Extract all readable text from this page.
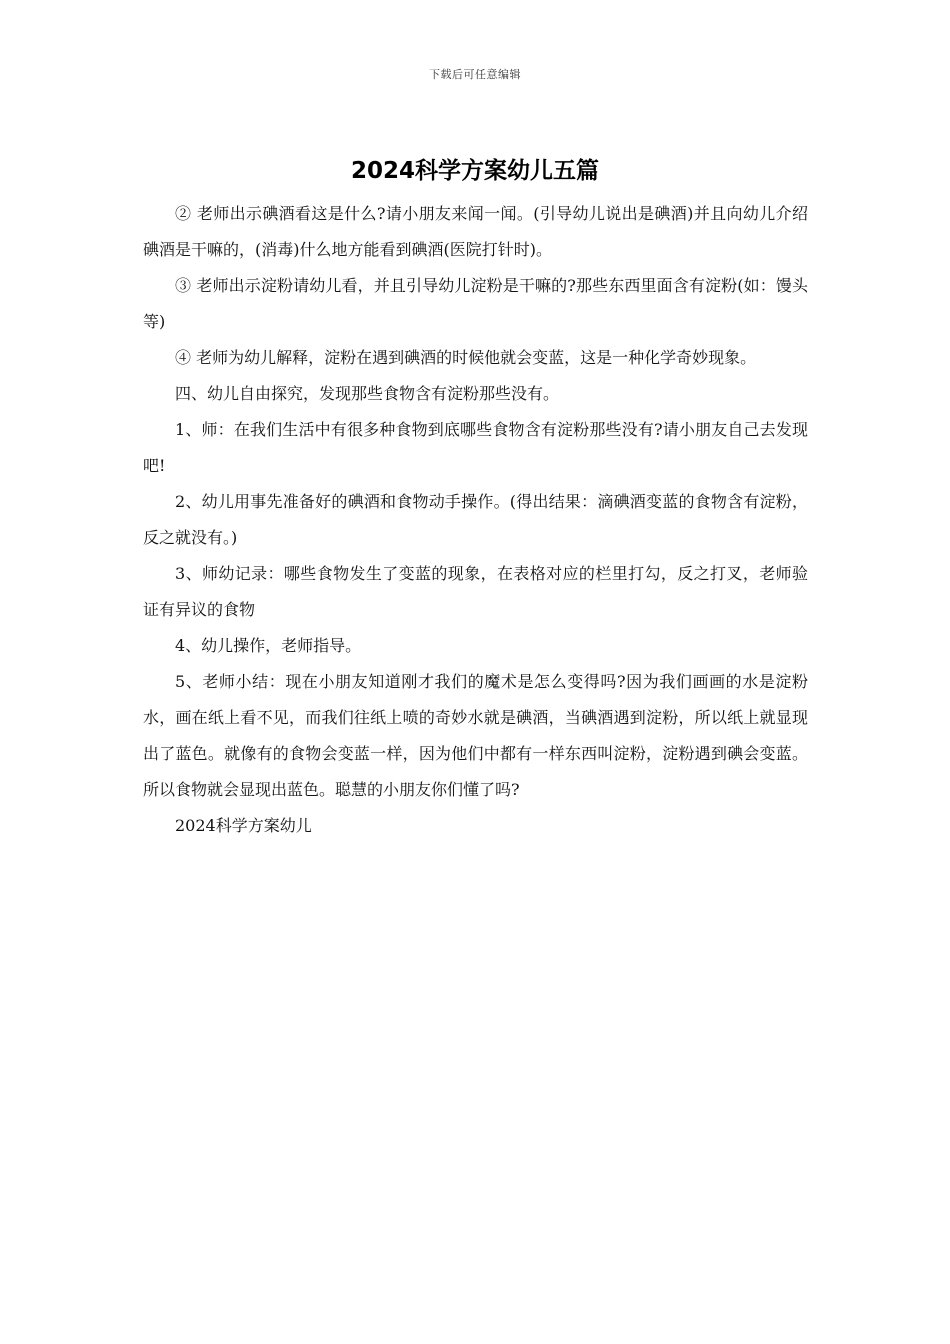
下载后可任意编辑
2024科学方案幼儿五篇

② 老师出示碘酒看这是什么?请小朋友来闻一闻。(引导幼儿说出是碘酒)并且向幼儿介绍碘酒是干嘛的，(消毒)什么地方能看到碘酒(医院打针时)。

③ 老师出示淀粉请幼儿看，并且引导幼儿淀粉是干嘛的?那些东西里面含有淀粉(如：馒头等)

④ 老师为幼儿解释，淀粉在遇到碘酒的时候他就会变蓝，这是一种化学奇妙现象。

四、幼儿自由探究，发现那些食物含有淀粉那些没有。

1、师：在我们生活中有很多种食物到底哪些食物含有淀粉那些没有?请小朋友自己去发现吧!

2、幼儿用事先准备好的碘酒和食物动手操作。(得出结果：滴碘酒变蓝的食物含有淀粉，反之就没有。)

3、师幼记录：哪些食物发生了变蓝的现象，在表格对应的栏里打勾，反之打叉，老师验证有异议的食物

4、幼儿操作，老师指导。

5、老师小结：现在小朋友知道刚才我们的魔术是怎么变得吗?因为我们画画的水是淀粉水，画在纸上看不见，而我们往纸上喷的奇妙水就是碘酒，当碘酒遇到淀粉，所以纸上就显现出了蓝色。就像有的食物会变蓝一样，因为他们中都有一样东西叫淀粉，淀粉遇到碘会变蓝。所以食物就会显现出蓝色。聪慧的小朋友你们懂了吗?

2024科学方案幼儿
